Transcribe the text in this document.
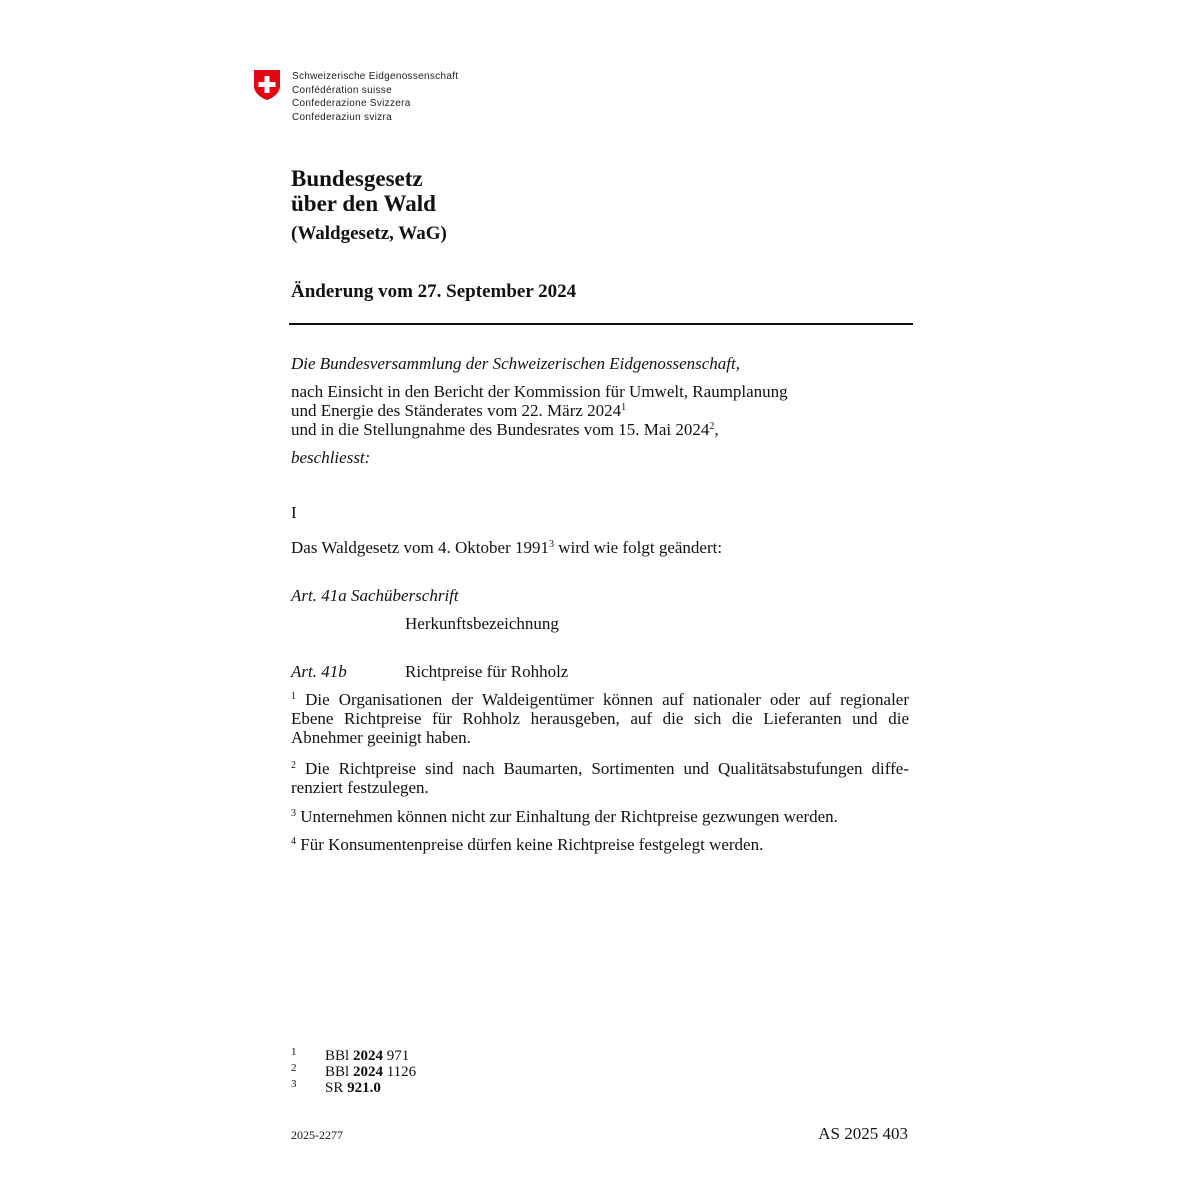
Schweizerische Eidgenossenschaft
Confédération suisse
Confederazione Svizzera
Confederaziun svizra
Bundesgesetz
über den Wald
(Waldgesetz, WaG)
Änderung vom 27. September 2024
Die Bundesversammlung der Schweizerischen Eidgenossenschaft,
nach Einsicht in den Bericht der Kommission für Umwelt, Raumplanung
und Energie des Ständerates vom 22. März 2024$^1$
und in die Stellungnahme des Bundesrates vom 15. Mai 2024$^2$,
beschliesst:
I
Das Waldgesetz vom 4. Oktober 1991$^3$ wird wie folgt geändert:
Art. 41a Sachüberschrift
Herkunftsbezeichnung
Art. 41b	Richtpreise für Rohholz
$^1$ Die Organisationen der Waldeigentümer können auf nationaler oder auf regionaler
Ebene Richtpreise für Rohholz herausgeben, auf die sich die Lieferanten und die
Abnehmer geeinigt haben.
$^2$ Die Richtpreise sind nach Baumarten, Sortimenten und Qualitätsabstufungen diffe-
renziert festzulegen.
$^3$ Unternehmen können nicht zur Einhaltung der Richtpreise gezwungen werden.
$^4$ Für Konsumentenpreise dürfen keine Richtpreise festgelegt werden.
1 BBl 2024 971
2 BBl 2024 1126
3 SR 921.0
2025-2277	AS 2025 403
